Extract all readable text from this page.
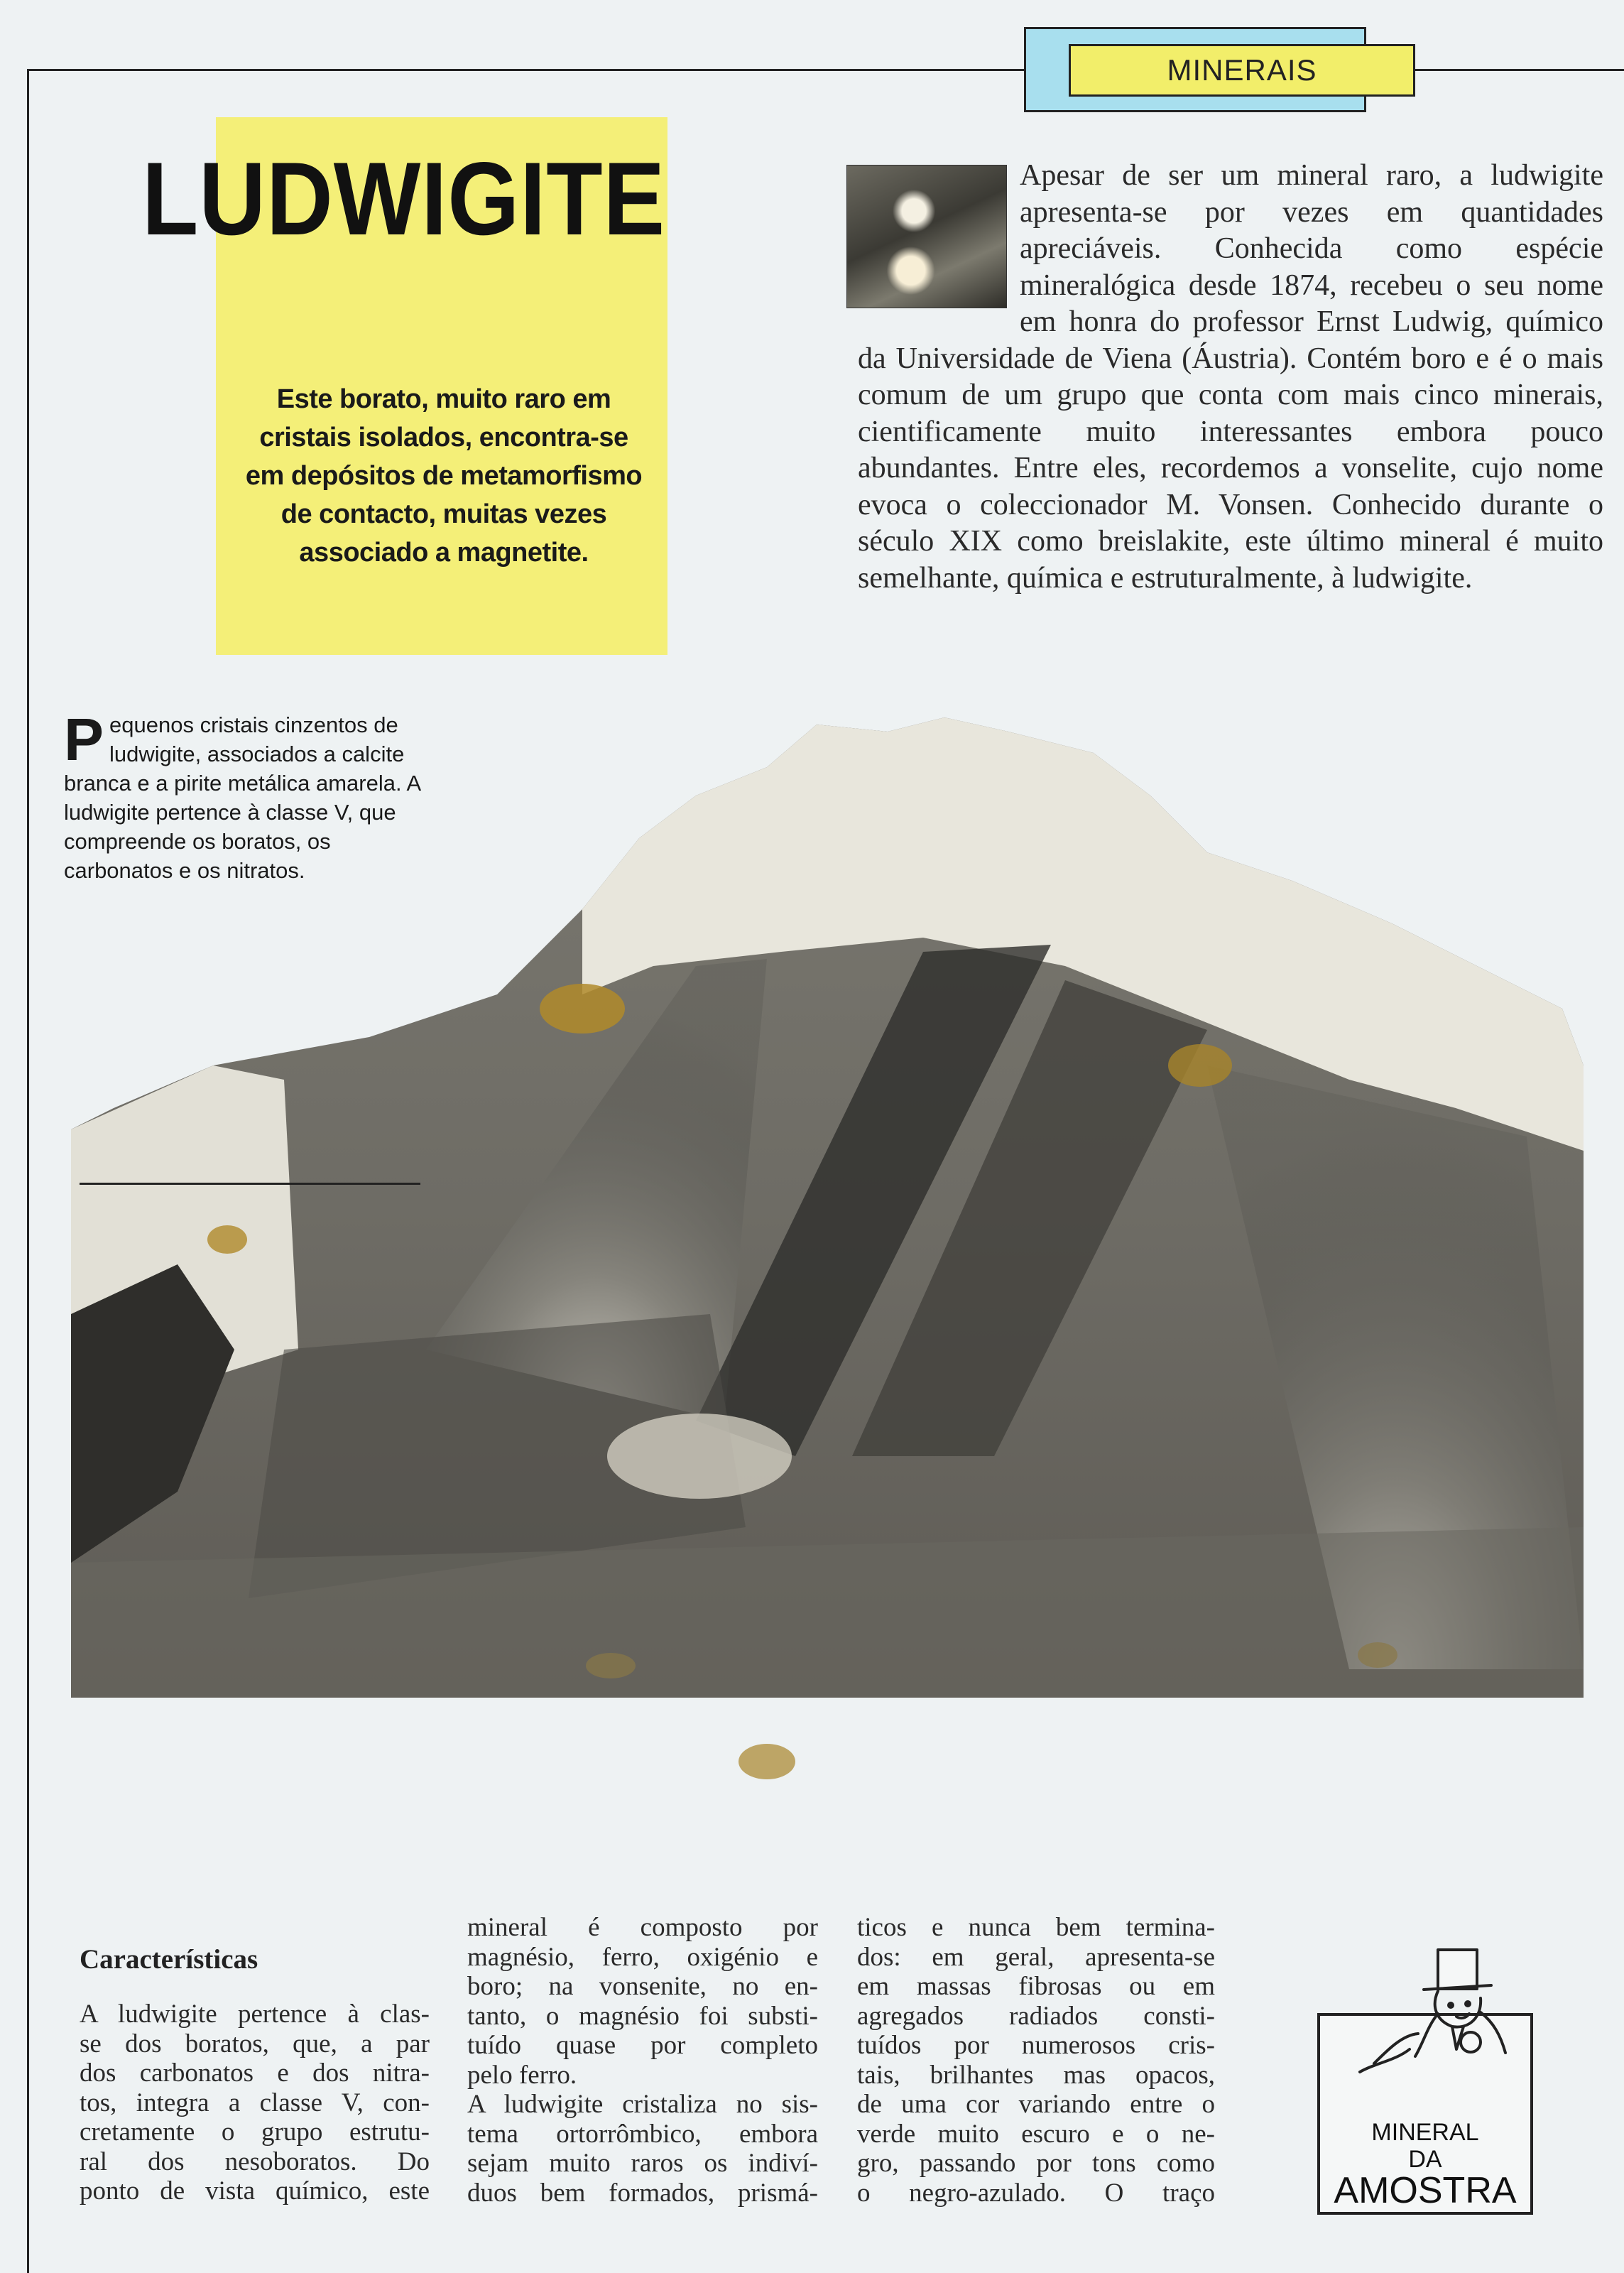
MINERAIS
LUDWIGITE
Este borato, muito raro em cristais isolados, encontra-se em depósitos de metamorfismo de contacto, muitas vezes associado a magnetite.

Apesar de ser um mineral raro, a ludwigite apresenta-se por vezes em quantidades apreciáveis. Conhecida como espécie mineralógica desde 1874, recebeu o seu nome em honra do professor Ernst Ludwig, químico da Universidade de Viena (Áustria). Contém boro e é o mais comum de um grupo que conta com mais cinco minerais, cientificamente muito interessantes embora pouco abundantes. Entre eles, recordemos a vonselite, cujo nome evoca o coleccionador M. Vonsen. Conhecido durante o século XIX como breislakite, este último mineral é muito semelhante, química e estruturalmente, à ludwigite.

Pequenos cristais cinzentos de ludwigite, associados a calcite branca e a pirite metálica amarela. A ludwigite pertence à classe V, que compreende os boratos, os carbonatos e os nitratos.
Características
A ludwigite pertence à clas-
se dos boratos, que, a par
dos carbonatos e dos nitra-
tos, integra a classe V, con-
cretamente o grupo estrutu-
ral dos nesoboratos. Do
ponto de vista químico, este
mineral é composto por
magnésio, ferro, oxigénio e
boro; na vonsenite, no en-
tanto, o magnésio foi substi-
tuído quase por completo
pelo ferro.
A ludwigite cristaliza no sis-
tema ortorrômbico, embora
sejam muito raros os indiví-
duos bem formados, prismá-
ticos e nunca bem termina-
dos: em geral, apresenta-se
em massas fibrosas ou em
agregados radiados consti-
tuídos por numerosos cris-
tais, brilhantes mas opacos,
de uma cor variando entre o
verde muito escuro e o ne-
gro, passando por tons como
o negro-azulado. O traço
MINERAL
DA
AMOSTRA
